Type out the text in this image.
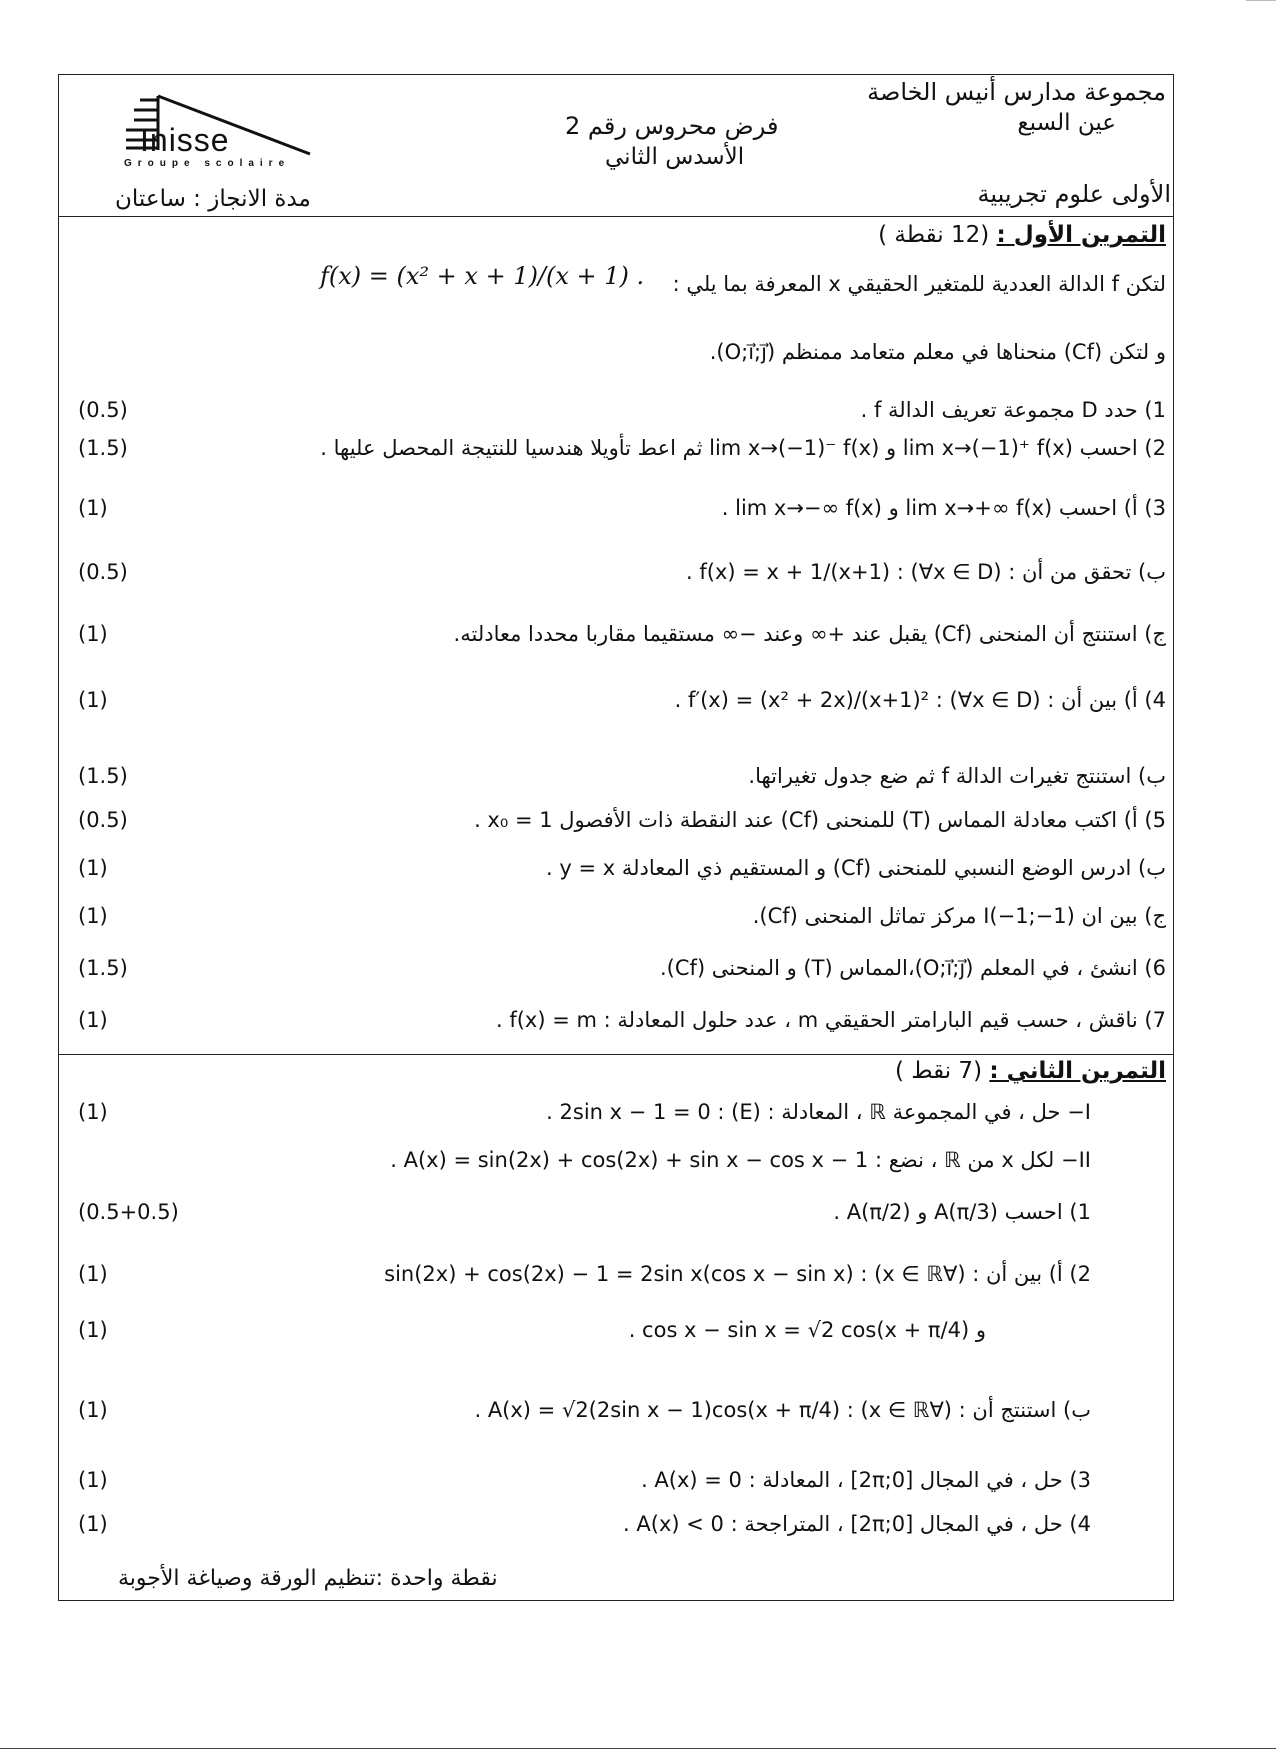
Inisse
Groupe scolaire
مجموعة مدارس أنيس الخاصة
عين السبع
فرض محروس رقم 2
الأسدس الثاني
الأولى علوم تجريبية
مدة الانجاز : ساعتان
التمرين الأول : (12 نقطة )
لتكن f الدالة العددية للمتغير الحقيقي x المعرفة بما يلي :
f(x) = (x² + x + 1)/(x + 1) .
و لتكن (Cf) منحناها في معلم متعامد ممنظم (O;i⃗;j⃗).
1) حدد D مجموعة تعريف الدالة f .
(0.5)
2) احسب lim x→(−1)⁺ f(x) و lim x→(−1)⁻ f(x) ثم اعط تأويلا هندسيا للنتيجة المحصل عليها .
(1.5)
3) أ) احسب lim x→+∞ f(x) و lim x→−∞ f(x) .
(1)
ب) تحقق من أن : f(x) = x + 1/(x+1) : (∀x ∈ D) .
(0.5)
ج) استنتج أن المنحنى (Cf) يقبل عند +∞ وعند −∞ مستقيما مقاربا محددا معادلته.
(1)
4) أ) بين أن : f′(x) = (x² + 2x)/(x+1)² : (∀x ∈ D) .
(1)
ب) استنتج تغيرات الدالة f ثم ضع جدول تغيراتها.
(1.5)
5) أ) اكتب معادلة المماس (T) للمنحنى (Cf) عند النقطة ذات الأفصول x₀ = 1 .
(0.5)
ب) ادرس الوضع النسبي للمنحنى (Cf) و المستقيم ذي المعادلة y = x .
(1)
ج) بين ان I(−1;−1) مركز تماثل المنحنى (Cf).
(1)
6) انشئ ، في المعلم (O;i⃗;j⃗)،المماس (T) و المنحنى (Cf).
(1.5)
7) ناقش ، حسب قيم البارامتر الحقيقي m ، عدد حلول المعادلة : f(x) = m .
(1)
التمرين الثاني : (7 نقط )
I− حل ، في المجموعة ℝ ، المعادلة : (E) : 2sin x − 1 = 0 .
(1)
II− لكل x من ℝ ، نضع : A(x) = sin(2x) + cos(2x) + sin x − cos x − 1 .
1) احسب A(π/3) و A(π/2) .
(0.5+0.5)
2) أ) بين أن : (∀x ∈ ℝ) : sin(2x) + cos(2x) − 1 = 2sin x(cos x − sin x)
(1)
و cos x − sin x = √2 cos(x + π/4) .
(1)
ب) استنتج أن : (∀x ∈ ℝ) : A(x) = √2(2sin x − 1)cos(x + π/4) .
(1)
3) حل ، في المجال [0;2π] ، المعادلة : A(x) = 0 .
(1)
4) حل ، في المجال [0;2π] ، المتراجحة : A(x) < 0 .
(1)
نقطة واحدة :تنظيم الورقة وصياغة الأجوبة
